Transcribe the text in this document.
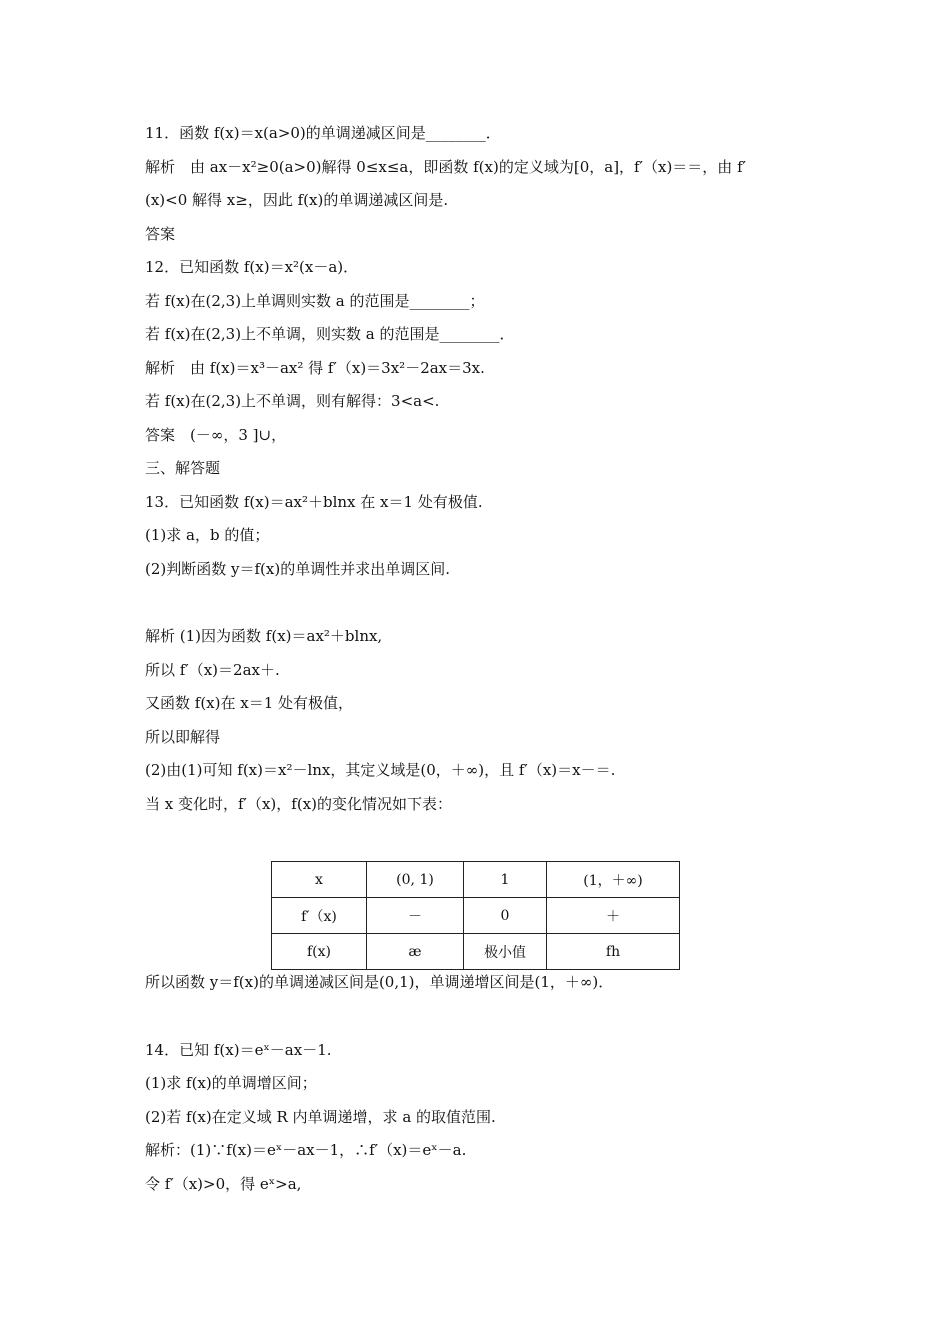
11．函数 f(x)＝x(a>0)的单调递减区间是________．
解析　由 ax－x²≥0(a>0)解得 0≤x≤a，即函数 f(x)的定义域为[0，a]，f′（x)＝＝，由 f′
(x)<0 解得 x≥，因此 f(x)的单调递减区间是.
答案
12．已知函数 f(x)＝x²(x－a)．
若 f(x)在(2,3)上单调则实数 a 的范围是________；
若 f(x)在(2,3)上不单调，则实数 a 的范围是________．
解析　由 f(x)＝x³－ax² 得 f′（x)＝3x²－2ax＝3x.
若 f(x)在(2,3)上不单调，则有解得：3<a<.
答案　(－∞，3 ]∪，
三、解答题
13．已知函数 f(x)＝ax²＋blnx 在 x＝1 处有极值.
(1)求 a，b 的值；
(2)判断函数 y＝f(x)的单调性并求出单调区间.
解析 (1)因为函数 f(x)＝ax²＋blnx,
所以 f′（x)＝2ax＋.
又函数 f(x)在 x＝1 处有极值，
所以即解得
(2)由(1)可知 f(x)＝x²－lnx，其定义域是(0，＋∞)，且 f′（x)＝x－＝.
当 x 变化时，f′（x)，f(x)的变化情况如下表：
x	(0, 1)	1	(1，＋∞)
f′（x)	－	0	＋
f(x)	æ	极小值	fh
所以函数 y＝f(x)的单调递减区间是(0,1)，单调递增区间是(1，＋∞)．
14．已知 f(x)＝eˣ－ax－1.
(1)求 f(x)的单调增区间；
(2)若 f(x)在定义域 R 内单调递增，求 a 的取值范围.
解析：(1)∵f(x)＝eˣ－ax－1，∴f′（x)＝eˣ－a.
令 f′（x)>0，得 eˣ>a,
